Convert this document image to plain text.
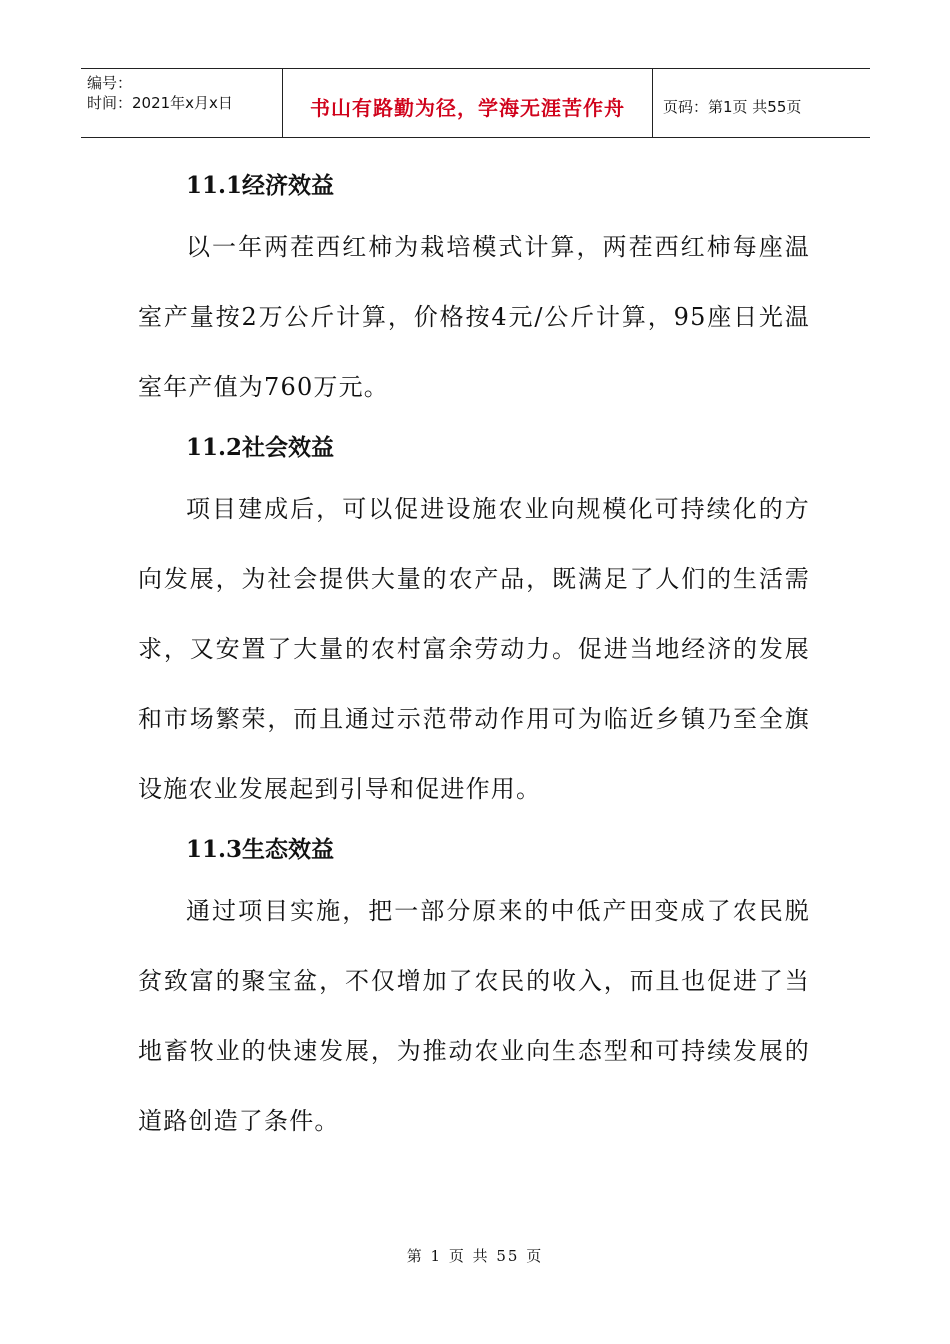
编号：
时间：2021年x月x日	书山有路勤为径，学海无涯苦作舟	页码：第1页 共55页
11.1经济效益

以一年两茬西红柿为栽培模式计算，两茬西红柿每座温室产量按2万公斤计算，价格按4元/公斤计算，95座日光温室年产值为760万元。

11.2社会效益

项目建成后，可以促进设施农业向规模化可持续化的方向发展，为社会提供大量的农产品，既满足了人们的生活需求，又安置了大量的农村富余劳动力。促进当地经济的发展和市场繁荣，而且通过示范带动作用可为临近乡镇乃至全旗设施农业发展起到引导和促进作用。

11.3生态效益

通过项目实施，把一部分原来的中低产田变成了农民脱贫致富的聚宝盆，不仅增加了农民的收入，而且也促进了当地畜牧业的快速发展，为推动农业向生态型和可持续发展的道路创造了条件。

第 1 页 共 55 页
